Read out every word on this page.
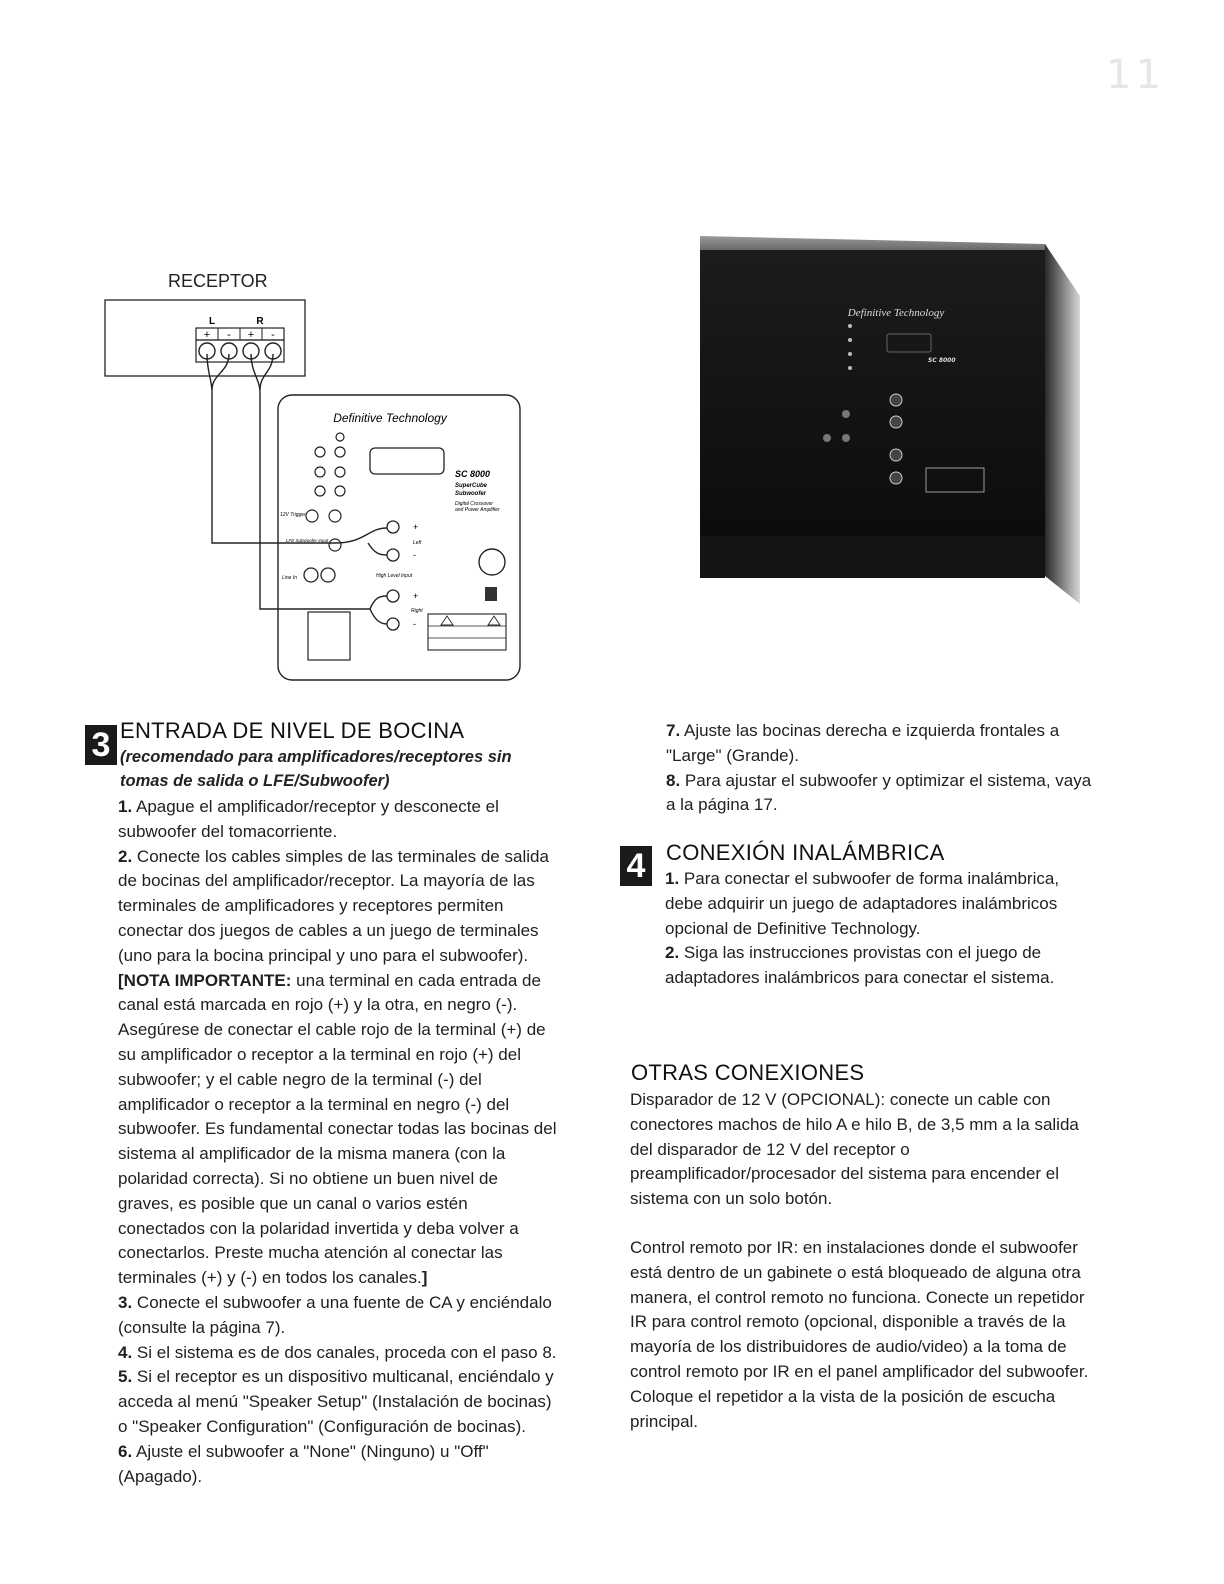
11
RECEPTOR
L	R
+ - + -
Definitive Technology
SC 8000
SuperCube
Subwoofer
Digital Crossover
and Power Amplifier
12V Trigger
LFE Subwoofer Input
Line In	High Level Input
+
-
Left
+
-
Right
Definitive Technology
SC 8000
3 ENTRADA DE NIVEL DE BOCINA
(recomendado para amplificadores/receptores sin tomas de salida o LFE/Subwoofer)

1. Apague el amplificador/receptor y desconecte el subwoofer del tomacorriente.

2. Conecte los cables simples de las terminales de salida de bocinas del amplificador/receptor. La mayoría de las terminales de amplificadores y receptores permiten conectar dos juegos de cables a un juego de terminales (uno para la bocina principal y uno para el subwoofer). [NOTA IMPORTANTE: una terminal en cada entrada de canal está marcada en rojo (+) y la otra, en negro (-). Asegúrese de conectar el cable rojo de la terminal (+) de su amplificador o receptor a la terminal en rojo (+) del subwoofer; y el cable negro de la terminal (-) del amplificador o receptor a la terminal en negro (-) del subwoofer. Es fundamental conectar todas las bocinas del sistema al amplificador de la misma manera (con la polaridad correcta). Si no obtiene un buen nivel de graves, es posible que un canal o varios estén conectados con la polaridad invertida y deba volver a conectarlos. Preste mucha atención al conectar las terminales (+) y (-) en todos los canales.]

3. Conecte el subwoofer a una fuente de CA y enciéndalo (consulte la página 7).

4. Si el sistema es de dos canales, proceda con el paso 8.

5. Si el receptor es un dispositivo multicanal, enciéndalo y acceda al menú "Speaker Setup" (Instalación de bocinas) o "Speaker Configuration" (Configuración de bocinas).

6. Ajuste el subwoofer a "None" (Ninguno) u "Off" (Apagado).

7. Ajuste las bocinas derecha e izquierda frontales a "Large" (Grande).

8. Para ajustar el subwoofer y optimizar el sistema, vaya a la página 17.

4 CONEXIÓN INALÁMBRICA

1. Para conectar el subwoofer de forma inalámbrica, debe adquirir un juego de adaptadores inalámbricos opcional de Definitive Technology.

2. Siga las instrucciones provistas con el juego de adaptadores inalámbricos para conectar el sistema.

OTRAS CONEXIONES

Disparador de 12 V (OPCIONAL): conecte un cable con conectores machos de hilo A e hilo B, de 3,5 mm a la salida del disparador de 12 V del receptor o preamplificador/procesador del sistema para encender el sistema con un solo botón.

Control remoto por IR: en instalaciones donde el subwoofer está dentro de un gabinete o está bloqueado de alguna otra manera, el control remoto no funciona. Conecte un repetidor IR para control remoto (opcional, disponible a través de la mayoría de los distribuidores de audio/video) a la toma de control remoto por IR en el panel amplificador del subwoofer. Coloque el repetidor a la vista de la posición de escucha principal.
